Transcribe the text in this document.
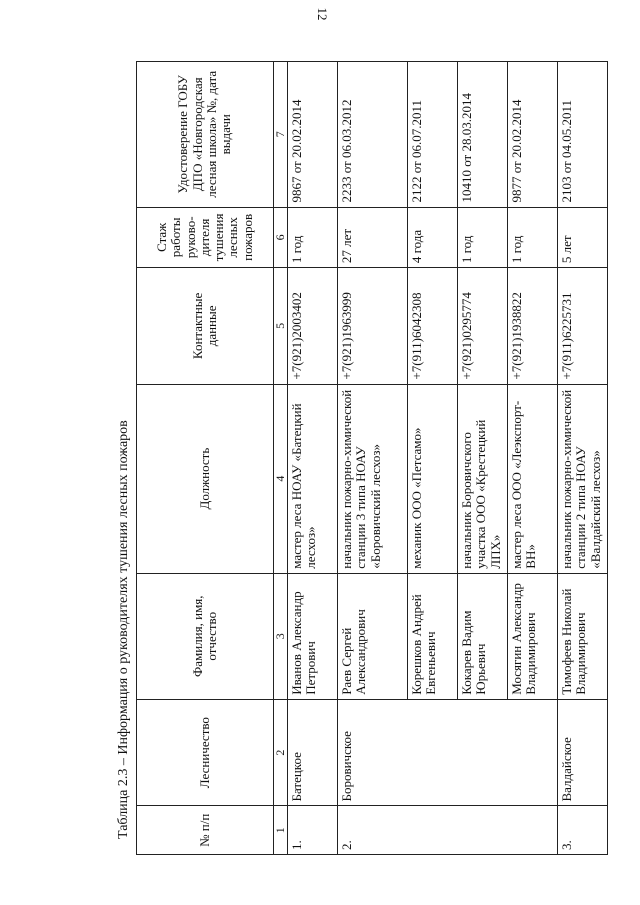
12
Таблица 2.3 – Информация о руководителях тушения лесных пожаров	№ п/п	Лесничество	Фамилия, имя, отчество	Должность	Контактные данные	Стаж работы руково-дителя тушения лесных пожаров	Удостоверение ГОБУ ДПО «Новгородская лесная школа» №, дата выдачи
1	2	3	4	5	6	7
1.	Батецкое	Иванов Александр Петрович	мастер леса НОАУ «Батецкий лесхоз»	+7(921)2003402	1 год	9867 от 20.02.2014
2.	Боровичское	Раев Сергей Александрович	начальник пожарно-химической станции 3 типа НОАУ «Боровичский лесхоз»	+7(921)1963999	27 лет	2233 от 06.03.2012
		Корешков Андрей Евгеньевич	механик ООО «Петсамо»	+7(911)6042308	4 года	2122 от 06.07.2011
		Кокарев Вадим Юрьевич	начальник Боровичского участка ООО «Крестецкий ЛПХ»	+7(921)0295774	1 год	10410 от 28.03.2014
		Мосягин Александр Владимирович	мастер леса ООО «Леэкспорт-ВН»	+7(921)1938822	1 год	9877 от 20.02.2014
3.	Валдайское	Тимофеев Николай Владимирович	начальник пожарно-химической станции 2 типа НОАУ «Валдайский лесхоз»	+7(911)6225731	5 лет	2103 от 04.05.2011
